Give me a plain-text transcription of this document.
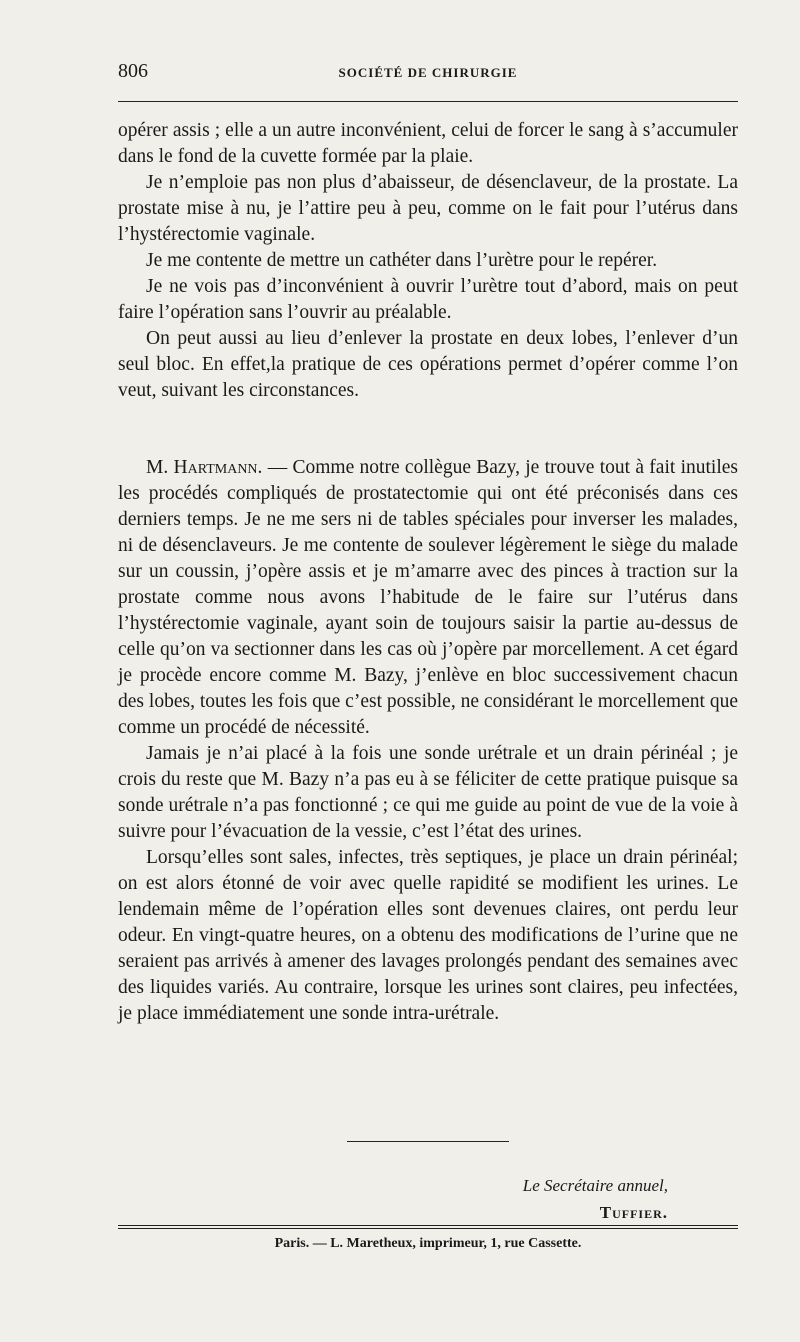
806	SOCIÉTÉ DE CHIRURGIE

opérer assis ; elle a un autre inconvénient, celui de forcer le sang à s’accumuler dans le fond de la cuvette formée par la plaie.

Je n’emploie pas non plus d’abaisseur, de désenclaveur, de la prostate. La prostate mise à nu, je l’attire peu à peu, comme on le fait pour l’utérus dans l’hystérectomie vaginale.

Je me contente de mettre un cathéter dans l’urètre pour le repérer.

Je ne vois pas d’inconvénient à ouvrir l’urètre tout d’abord, mais on peut faire l’opération sans l’ouvrir au préalable.

On peut aussi au lieu d’enlever la prostate en deux lobes, l’enlever d’un seul bloc. En effet,la pratique de ces opérations permet d’opérer comme l’on veut, suivant les circonstances.

M. Hartmann. — Comme notre collègue Bazy, je trouve tout à fait inutiles les procédés compliqués de prostatectomie qui ont été préconisés dans ces derniers temps. Je ne me sers ni de tables spéciales pour inverser les malades, ni de désenclaveurs. Je me contente de soulever légèrement le siège du malade sur un coussin, j’opère assis et je m’amarre avec des pinces à traction sur la prostate comme nous avons l’habitude de le faire sur l’utérus dans l’hystérectomie vaginale, ayant soin de toujours saisir la partie au-dessus de celle qu’on va sectionner dans les cas où j’opère par morcellement. A cet égard je procède encore comme M. Bazy, j’enlève en bloc successivement chacun des lobes, toutes les fois que c’est possible, ne considérant le morcellement que comme un procédé de nécessité.

Jamais je n’ai placé à la fois une sonde urétrale et un drain périnéal ; je crois du reste que M. Bazy n’a pas eu à se féliciter de cette pratique puisque sa sonde urétrale n’a pas fonctionné ; ce qui me guide au point de vue de la voie à suivre pour l’évacuation de la vessie, c’est l’état des urines.

Lorsqu’elles sont sales, infectes, très septiques, je place un drain périnéal; on est alors étonné de voir avec quelle rapidité se modifient les urines. Le lendemain même de l’opération elles sont devenues claires, ont perdu leur odeur. En vingt-quatre heures, on a obtenu des modifications de l’urine que ne seraient pas arrivés à amener des lavages prolongés pendant des semaines avec des liquides variés. Au contraire, lorsque les urines sont claires, peu infectées, je place immédiatement une sonde intra-urétrale.

Le Secrétaire annuel,
Tuffier.
Paris. — L. Maretheux, imprimeur, 1, rue Cassette.
